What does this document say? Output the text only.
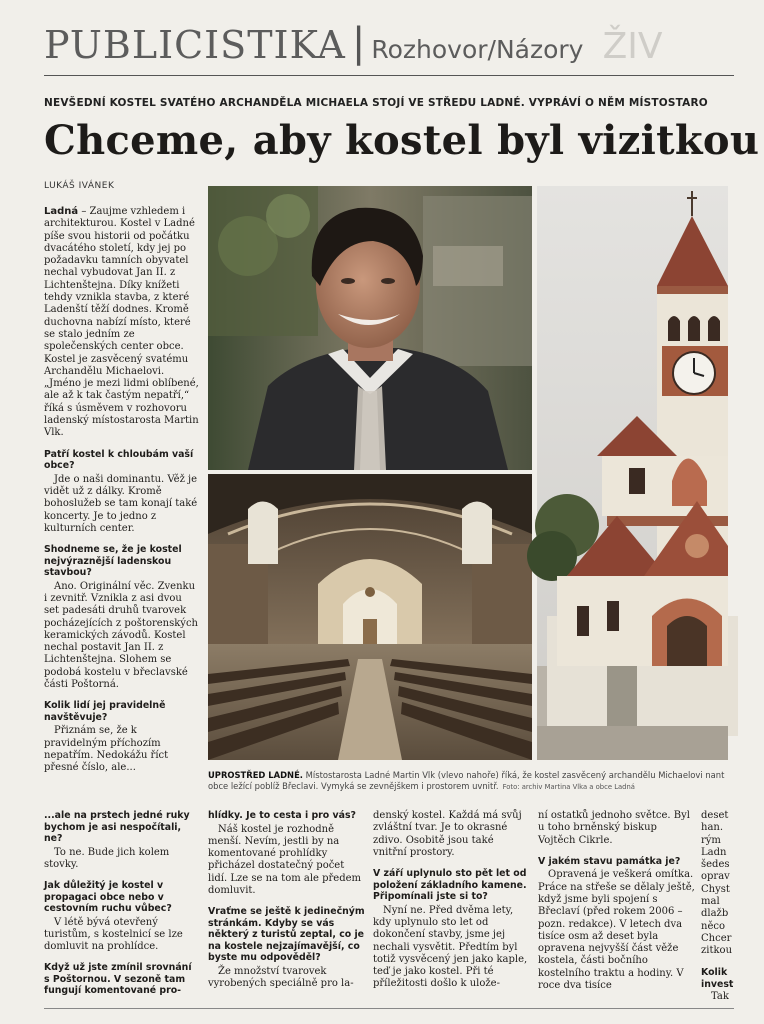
PUBLICISTIKA | Rozhovor/Názory ŽIV
NEVŠEDNÍ KOSTEL SVATÉHO ARCHANDĚLA MICHAELA STOJÍ VE STŘEDU LADNÉ. VYPRÁVÍ O NĚM MÍSTOSTARO
Chceme, aby kostel byl vizitkou
LUKÁŠ IVÁNEK

Ladná – Zaujme vzhledem i architekturou. Kostel v Ladné píše svou historii od počátku dvacátého století, kdy jej po požadavku tamních obyvatel nechal vybudovat Jan II. z Lichtenštejna. Díky knížeti tehdy vznikla stavba, z které Ladenští těží dodnes. Kromě duchovna nabízí místo, které se stalo jedním ze společenských center obce. Kostel je zasvěcený svatému Archandělu Michaelovi. „Jméno je mezi lidmi oblíbené, ale až k tak častým nepatří,“ říká s úsměvem v rozhovoru ladenský místostarosta Martin Vlk.

Patří kostel k chloubám vaší obce?

Jde o naši dominantu. Věž je vidět už z dálky. Kromě bohoslužeb se tam konají také koncerty. Je to jedno z kulturních center.

Shodneme se, že je kostel nejvýraznější ladenskou stavbou?

Ano. Originální věc. Zvenku i zevnitř. Vznikla z asi dvou set padesáti druhů tvarovek pocházejících z poštorenských keramických závodů. Kostel nechal postavit Jan II. z Lichtenštejna. Slohem se podobá kostelu v břeclavské části Poštorná.

Kolik lidí jej pravidelně navštěvuje?

Přiznám se, že k pravidelným příchozím nepatřím. Nedokážu říct přesné číslo, ale...

UPROSTŘED LADNÉ. Místostarosta Ladné Martin Vlk (vlevo nahoře) říká, že kostel zasvěcený archandělu Michaelovi nant obce ležící poblíž Břeclavi. Vymyká se zevnějškem i prostorem uvnitř. Foto: archiv Martina Vlka a obce Ladná

...ale na prstech jedné ruky bychom je asi nespočítali, ne?

To ne. Bude jich kolem stovky.

Jak důležitý je kostel v propagaci obce nebo v cestovním ruchu vůbec?

V létě bývá otevřený turistům, s kostelnicí se lze domluvit na prohlídce.

Když už jste zmínil srovnání s Poštornou. V sezoně tam fungují komentované pro-

hlídky. Je to cesta i pro vás?

Náš kostel je rozhodně menší. Nevím, jestli by na komentované prohlídky přicházel dostatečný počet lidí. Lze se na tom ale předem domluvit.

Vraťme se ještě k jedinečným stránkám. Kdyby se vás některý z turistů zeptal, co je na kostele nejzajímavější, co byste mu odpověděl?

Že množství tvarovek vyrobených speciálně pro la-

denský kostel. Každá má svůj zvláštní tvar. Je to okrasné zdivo. Osobitě jsou také vnitřní prostory.

V září uplynulo sto pět let od položení základního kamene. Připomínali jste si to?

Nyní ne. Před dvěma lety, kdy uplynulo sto let od dokončení stavby, jsme jej nechali vysvětit. Předtím byl totiž vysvěcený jen jako kaple, teď je jako kostel. Při té příležitosti došlo k ulože-

ní ostatků jednoho světce. Byl u toho brněnský biskup Vojtěch Cikrle.

V jakém stavu památka je?

Opravená je veškerá omítka. Práce na střeše se dělaly ještě, když jsme byli spojení s Břeclaví (před rokem 2006 – pozn. redakce). V letech dva tisíce osm až deset byla opravena nejvyšší část věže kostela, části bočního kostelního traktu a hodiny. V roce dva tisíce

deset
han.
rým
Ladn
šedes
oprav
Chyst
mal
dlažb
něco
Chcer
zitkou
Kolik
invest
Tak
